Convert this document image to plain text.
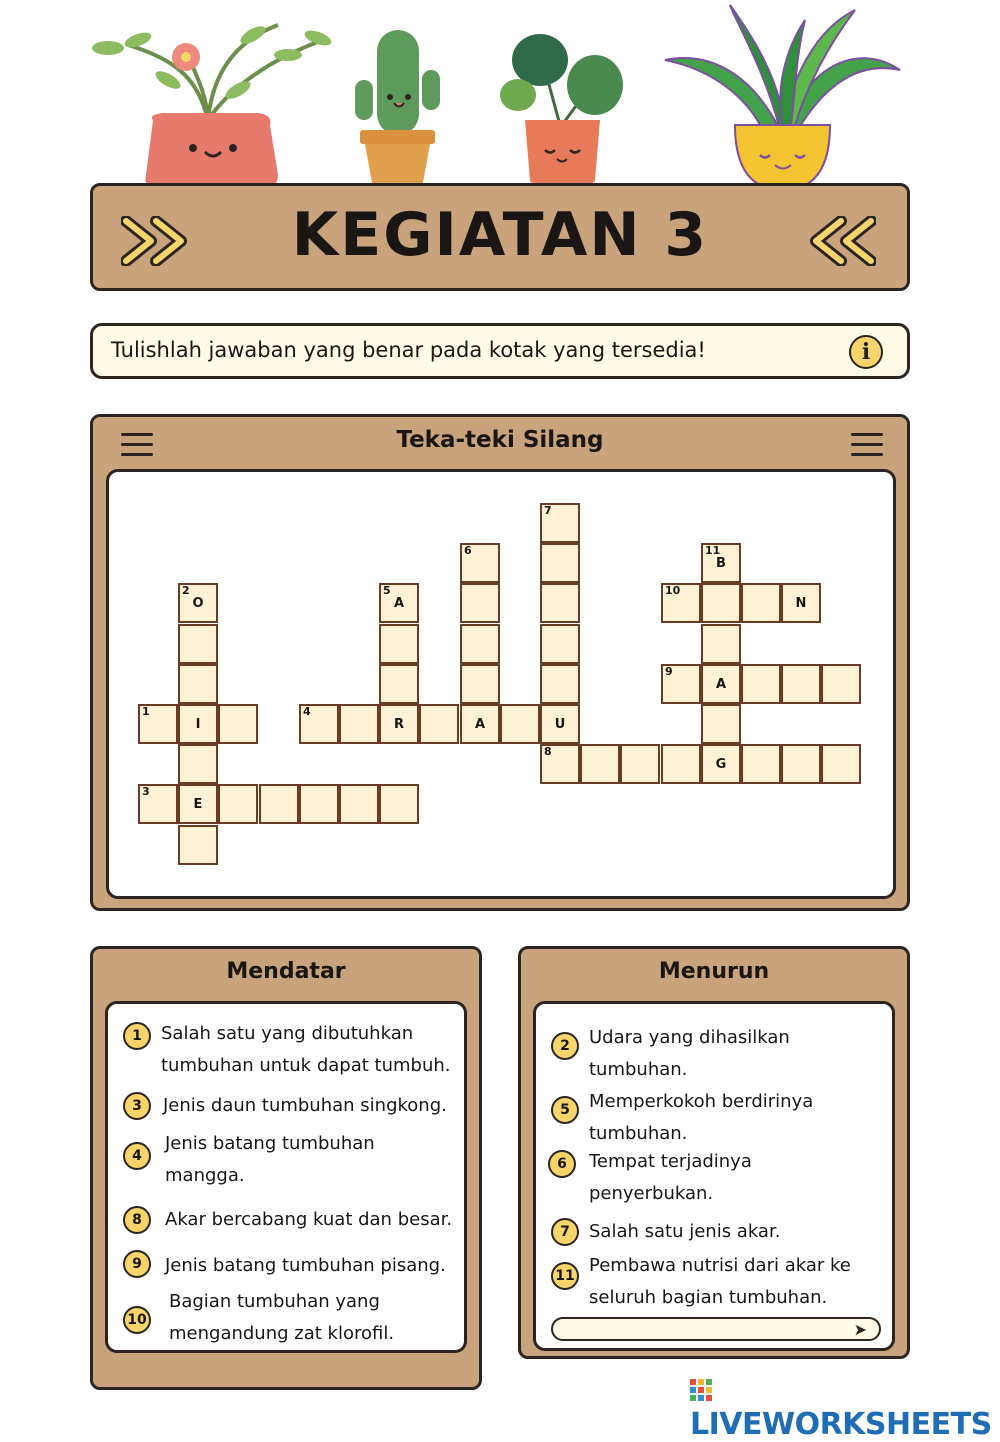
KEGIATAN 3
Tulishlah jawaban yang benar pada kotak yang tersedia!	i
Teka-teki Silang
7
6	11
B
2
O
5
A
10
N
9
A
1
I
4
R	A	U
8
G
3
E
Mendatar
1	Salah satu yang dibutuhkan tumbuhan untuk dapat tumbuh.
3	Jenis daun tumbuhan singkong.
4
Jenis batang tumbuhan mangga.
8	Akar bercabang kuat dan besar.
9	Jenis batang tumbuhan pisang.
10
Bagian tumbuhan yang mengandung zat klorofil.
Menurun
2	Udara yang dihasilkan tumbuhan.
5	Memperkokoh berdirinya tumbuhan.
6	Tempat terjadinya penyerbukan.
7	Salah satu jenis akar.
11 Pembawa nutrisi dari akar ke seluruh bagian tumbuhan.
➤
LIVEWORKSHEETS
